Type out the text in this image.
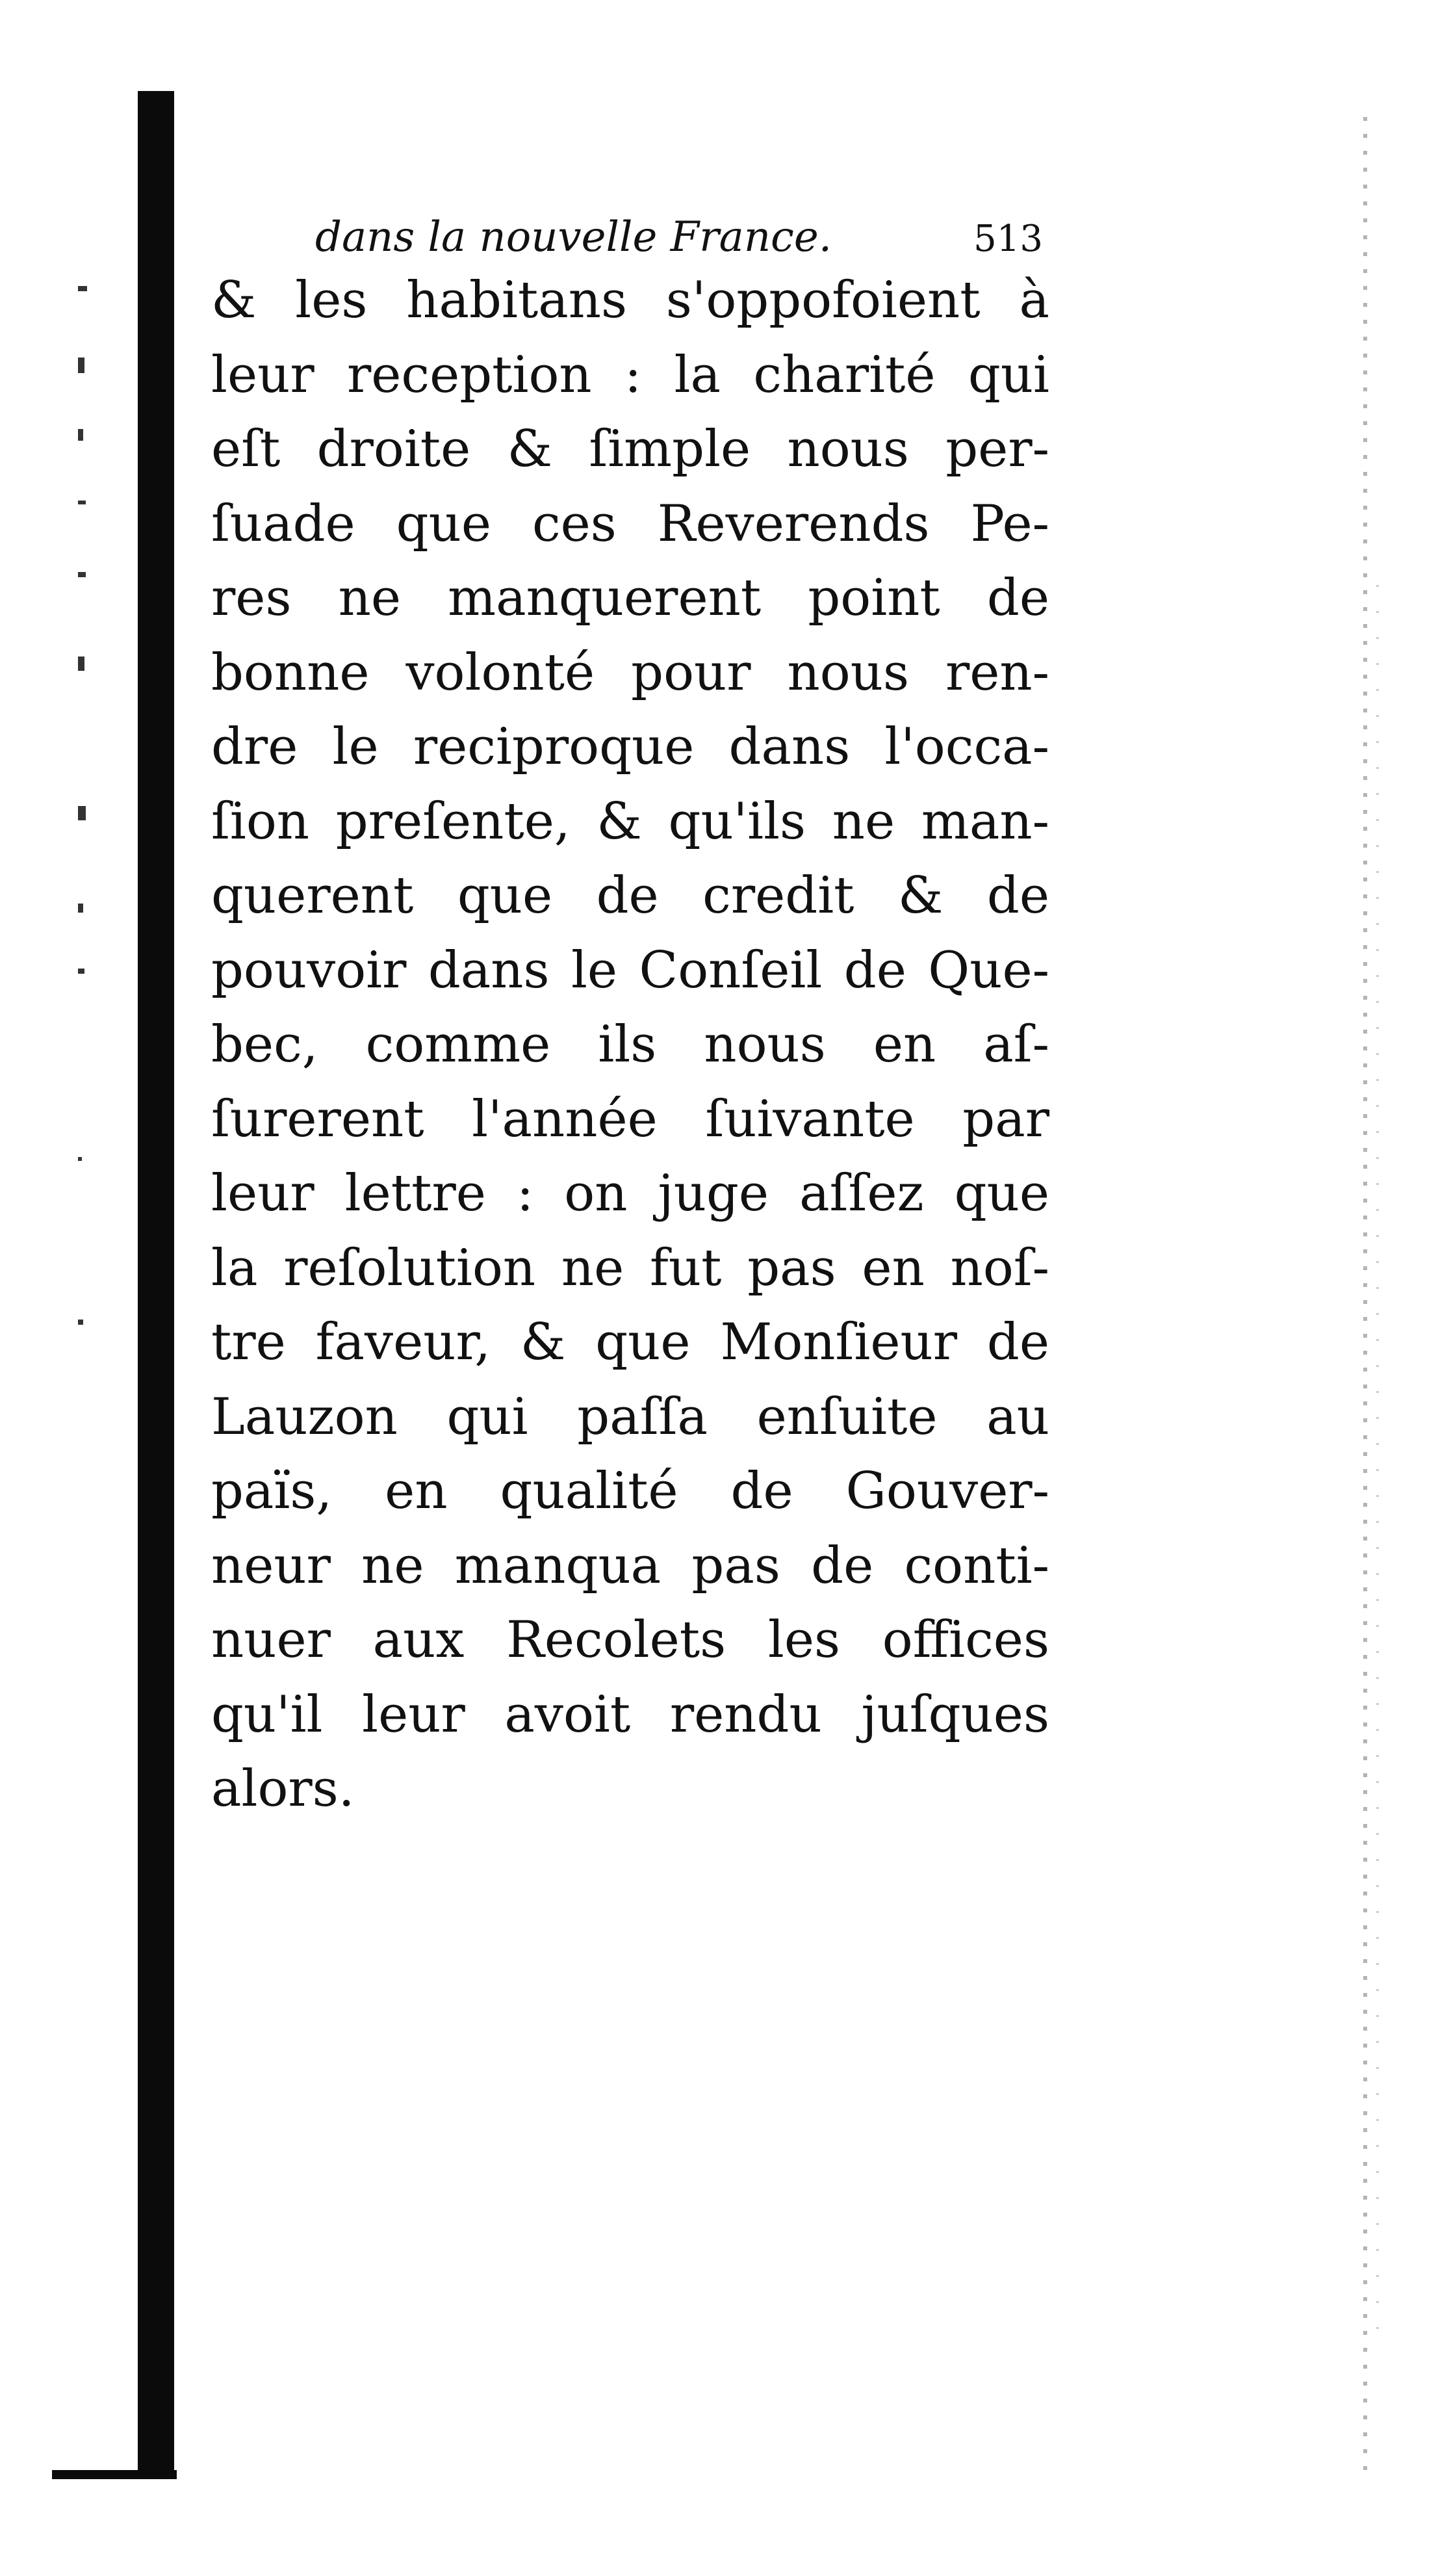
dans la nouvelle France.	513
& les habitans s'oppofoient à
leur reception : la charité qui
eſt droite & ſimple nous per-
ſuade que ces Reverends Pe-
res ne manquerent point de
bonne volonté pour nous ren-
dre le reciproque dans l'occa-
ſion preſente, & qu'ils ne man-
querent que de credit & de
pouvoir dans le Conſeil de Que-
bec, comme ils nous en aſ-
ſurerent l'année ſuivante par
leur lettre : on juge aſſez que
la reſolution ne fut pas en noſ-
tre faveur, & que Monſieur de
Lauzon qui paſſa enſuite au
païs, en qualité de Gouver-
neur ne manqua pas de conti-
nuer aux Recolets les offices
qu'il leur avoit rendu juſques
alors.
